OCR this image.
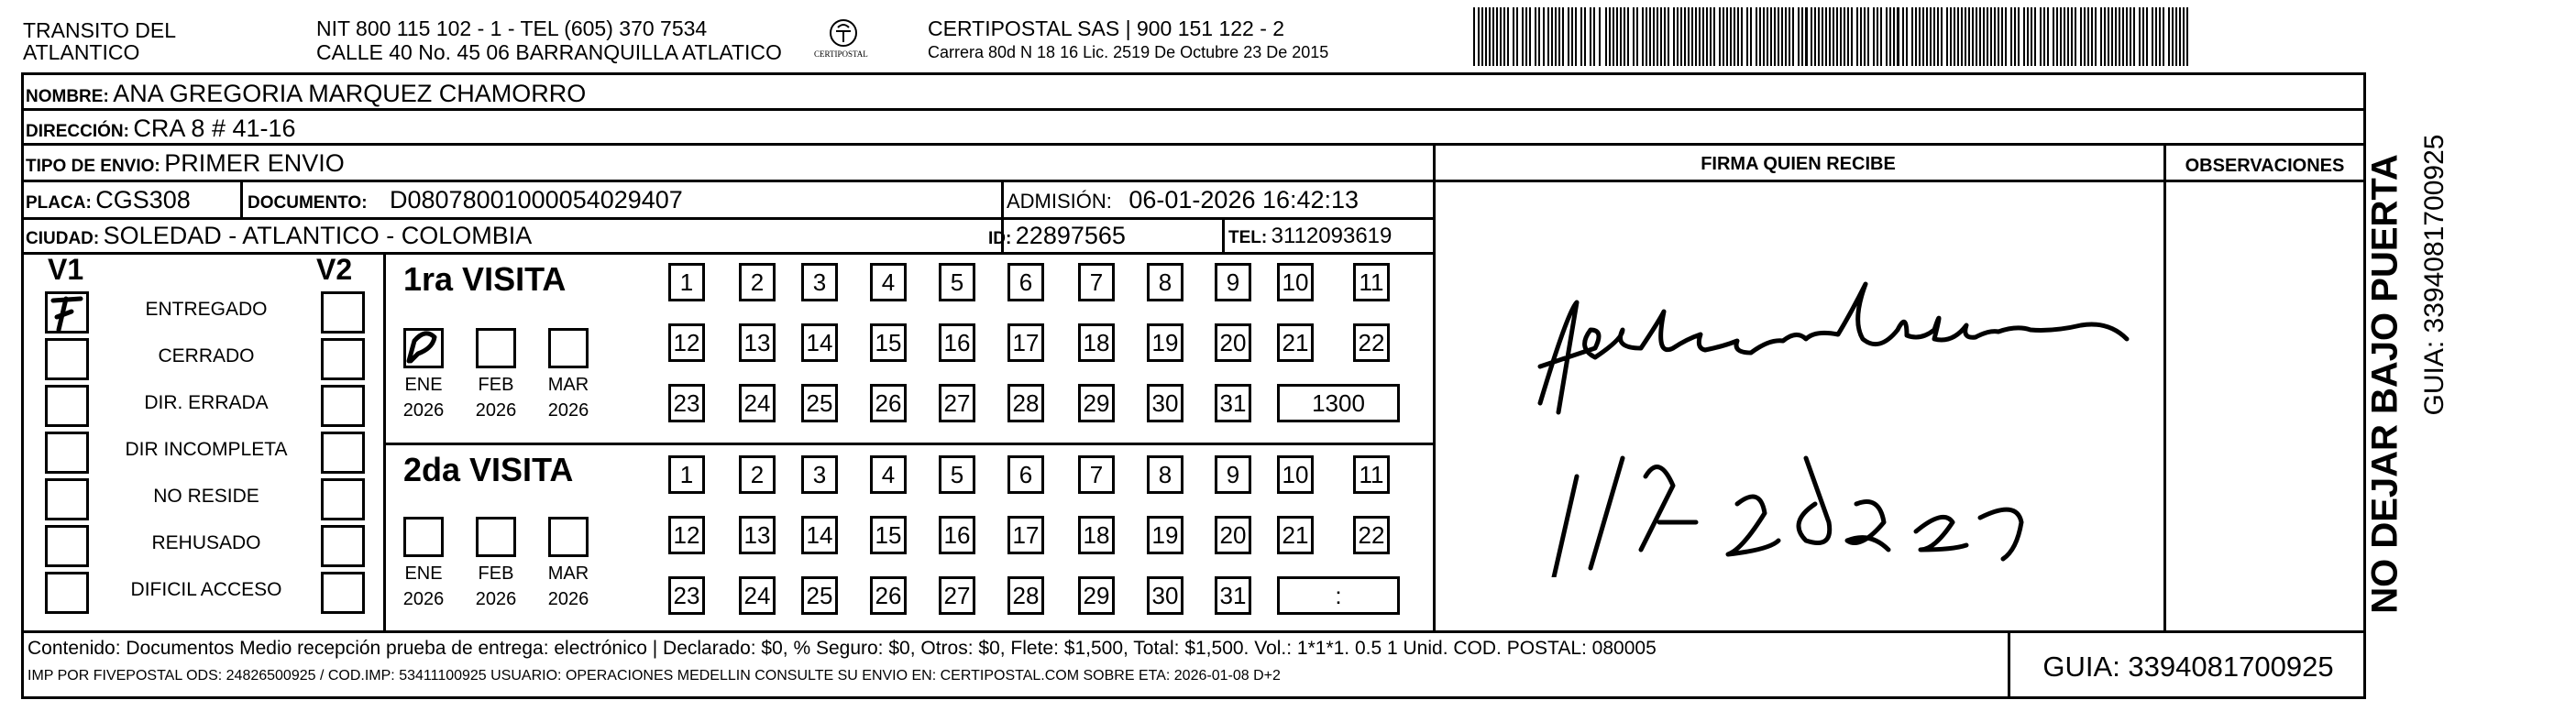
TRANSITO DEL
ATLANTICO
NIT 800 115 102 - 1 - TEL (605) 370 7534
CALLE 40 No. 45 06 BARRANQUILLA ATLATICO	CERTIPOSTAL
CERTIPOSTAL SAS | 900 151 122 - 2
Carrera 80d N 18 16 Lic. 2519 De Octubre 23 De 2015
NOMBRE: ANA GREGORIA MARQUEZ CHAMORRO
DIRECCIÓN: CRA 8 # 41-16
TIPO DE ENVIO: PRIMER ENVIO
PLACA: CGS308	DOCUMENTO: D08078001000054029407	ADMISIÓN: 06-01-2026 16:42:13
CIUDAD: SOLEDAD - ATLANTICO - COLOMBIA	ID: 22897565	TEL: 3112093619
FIRMA QUIEN RECIBE	OBSERVACIONES
V1	V2
ENTREGADO
CERRADO
DIR. ERRADA
DIR INCOMPLETA
NO RESIDE
REHUSADO
DIFICIL ACCESO
1ra VISITA
2da VISITA
ENE
2026
FEB
2026
MAR
2026
1	2	3	4	5	6	7	8	9	10 11
12 13 14 15 16 17 18 19 20 21 22
23 24 25 26 27 28 29 30 31	1300
ENE
2026
FEB
2026
MAR
2026
1	2	3	4	5	6	7	8	9	10 11
12 13 14 15 16 17 18 19 20 21 22
23 24 25 26 27 28 29 30 31	:	NO DEJAR BAJO PUERTA GUIA: 3394081700925
Contenido: Documentos Medio recepción prueba de entrega: electrónico | Declarado: $0, % Seguro: $0, Otros: $0, Flete: $1,500, Total: $1,500. Vol.: 1*1*1. 0.5 1 Unid. COD. POSTAL: 080005
IMP POR FIVEPOSTAL ODS: 24826500925 / COD.IMP: 53411100925 USUARIO: OPERACIONES MEDELLIN CONSULTE SU ENVIO EN: CERTIPOSTAL.COM SOBRE ETA: 2026-01-08 D+2	GUIA: 3394081700925
